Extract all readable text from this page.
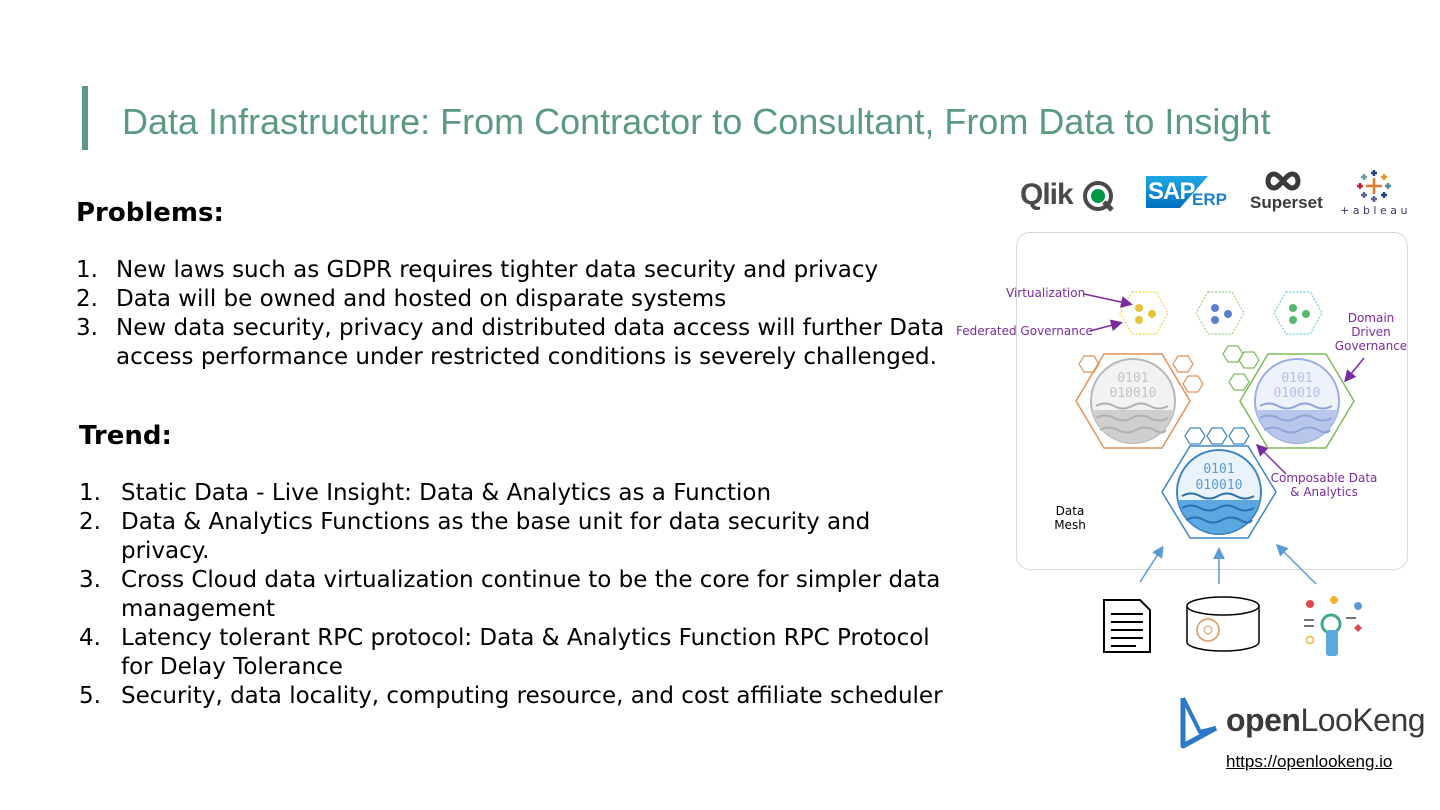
Data Infrastructure: From Contractor to Consultant, From Data to Insight
Problems:
1. New laws such as GDPR requires tighter data security and privacy
2. Data will be owned and hosted on disparate systems
3. New data security, privacy and distributed data access will further Data access performance under restricted conditions is severely challenged.
Trend:
1. Static Data - Live Insight: Data & Analytics as a Function
2. Data & Analytics Functions as the base unit for data security and privacy.
3. Cross Cloud data virtualization continue to be the core for simpler data management
4. Latency tolerant RPC protocol: Data & Analytics Function RPC Protocol for Delay Tolerance
5. Security, data locality, computing resource, and cost affiliate scheduler
Qlik	SAP
ERP Superset + a b l e a u
0101
010010
0101
010010
0101
010010
Virtualization
Federated Governance
Domain Driven Governance
Composable Data & Analytics
Data Mesh
openLooKeng
https://openlookeng.io
